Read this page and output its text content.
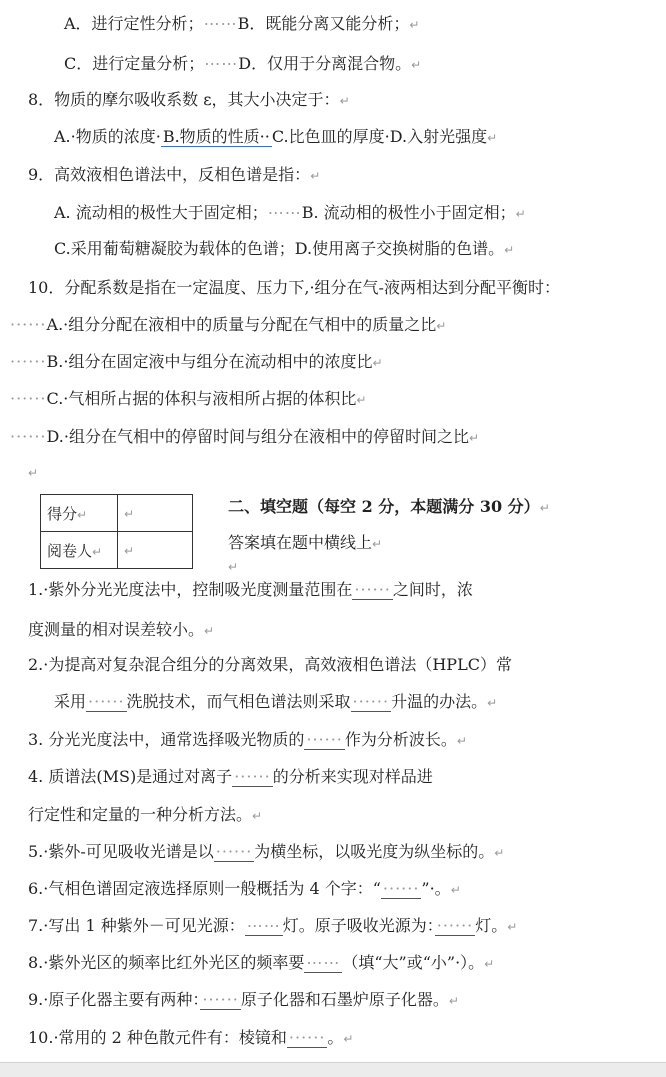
A．进行定性分析；⋯⋯B．既能分离又能分析；↵
C．进行定量分析；⋯⋯D．仅用于分离混合物。↵
8．物质的摩尔吸收系数 ε，其大小决定于：↵
A.·物质的浓度· B.物质的性质·· C.比色皿的厚度·D.入射光强度↵
9．高效液相色谱法中，反相色谱是指：↵
A. 流动相的极性大于固定相；⋯⋯B. 流动相的极性小于固定相；↵
C.采用葡萄糖凝胶为载体的色谱；D.使用离子交换树脂的色谱。↵
10．分配系数是指在一定温度、压力下,·组分在气-液两相达到分配平衡时：
······A.·组分分配在液相中的质量与分配在气相中的质量之比↵
······B.·组分在固定液中与组分在流动相中的浓度比↵
······C.·气相所占据的体积与液相所占据的体积比↵
······D.·组分在气相中的停留时间与组分在液相中的停留时间之比↵
↵
得分↵	↵
阅卷人↵	↵
二、填空题（每空 2 分，本题满分 30 分）↵
答案填在题中横线上↵
↵
1.·紫外分光光度法中，控制吸光度测量范围在 ······ 之间时，浓
度测量的相对误差较小。↵
2.·为提高对复杂混合组分的分离效果，高效液相色谱法（HPLC）常
采用 ······ 洗脱技术，而气相色谱法则采取 ······ 升温的办法。↵
3. 分光光度法中，通常选择吸光物质的 ······ 作为分析波长。↵
4. 质谱法(MS)是通过对离子 ······ 的分析来实现对样品进
行定性和定量的一种分析方法。↵
5.·紫外-可见吸收光谱是以 ······ 为横坐标，以吸光度为纵坐标的。↵
6.·气相色谱固定液选择原则一般概括为 4 个字：“ ······ ”·。↵
7.·写出 1 种紫外－可见光源： ⋯⋯ 灯。原子吸收光源为： ······ 灯。↵
8.·紫外光区的频率比红外光区的频率要 ⋯⋯ （填“大”或“小”·）。↵
9.·原子化器主要有两种： ······ 原子化器和石墨炉原子化器。↵
10.·常用的 2 种色散元件有：棱镜和 ······ 。↵
